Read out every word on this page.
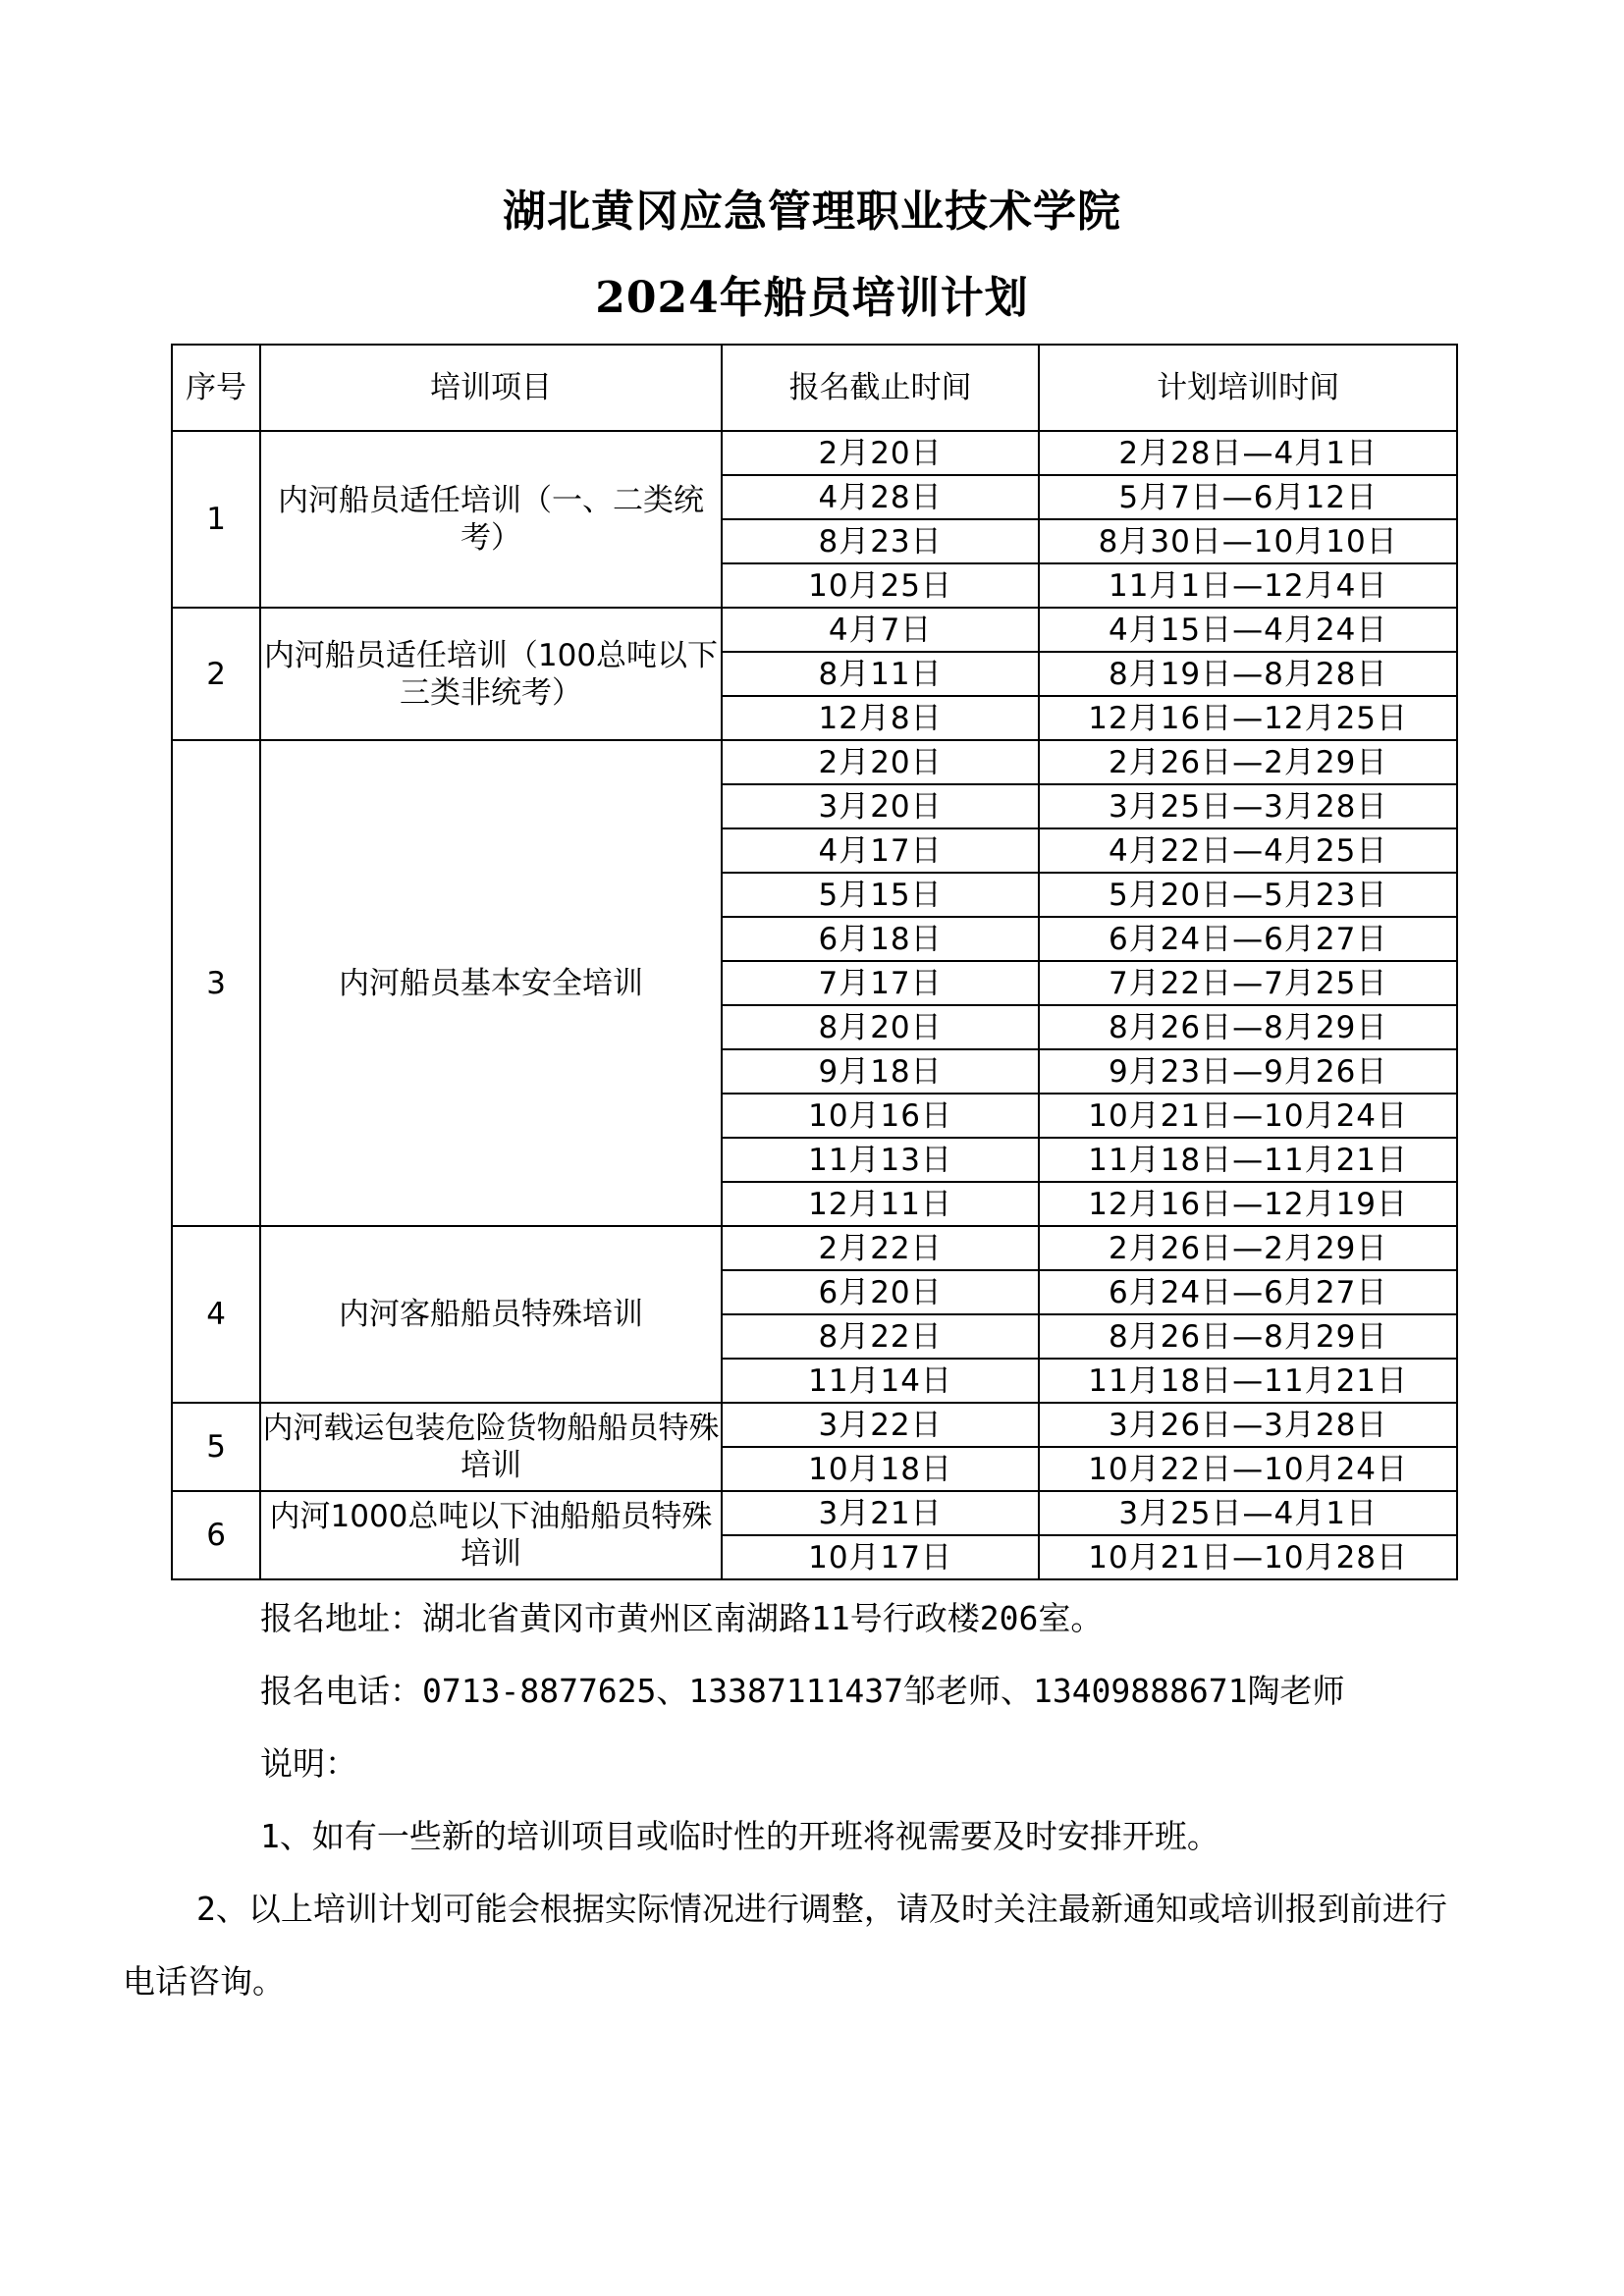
湖北黄冈应急管理职业技术学院
2024年船员培训计划
序号	培训项目	报名截止时间	计划培训时间
1	内河船员适任培训（一、二类统考）	2月20日	2月28日—4月1日
		4月28日	5月7日—6月12日
		8月23日	8月30日—10月10日
		10月25日	11月1日—12月4日
2	内河船员适任培训（100总吨以下三类非统考）	4月7日	4月15日—4月24日
		8月11日	8月19日—8月28日
		12月8日	12月16日—12月25日
3	内河船员基本安全培训	2月20日	2月26日—2月29日
		3月20日	3月25日—3月28日
		4月17日	4月22日—4月25日
		5月15日	5月20日—5月23日
		6月18日	6月24日—6月27日
		7月17日	7月22日—7月25日
		8月20日	8月26日—8月29日
		9月18日	9月23日—9月26日
		10月16日	10月21日—10月24日
		11月13日	11月18日—11月21日
		12月11日	12月16日—12月19日
4	内河客船船员特殊培训	2月22日	2月26日—2月29日
		6月20日	6月24日—6月27日
		8月22日	8月26日—8月29日
		11月14日	11月18日—11月21日
5	内河载运包装危险货物船船员特殊培训	3月22日	3月26日—3月28日
		10月18日	10月22日—10月24日
6	内河1000总吨以下油船船员特殊培训	3月21日	3月25日—4月1日
		10月17日	10月21日—10月28日

报名地址：湖北省黄冈市黄州区南湖路11号行政楼206室。

报名电话：0713-8877625、13387111437邹老师、13409888671陶老师

说明：

1、如有一些新的培训项目或临时性的开班将视需要及时安排开班。

2、以上培训计划可能会根据实际情况进行调整，请及时关注最新通知或培训报到前进行电话咨询。
